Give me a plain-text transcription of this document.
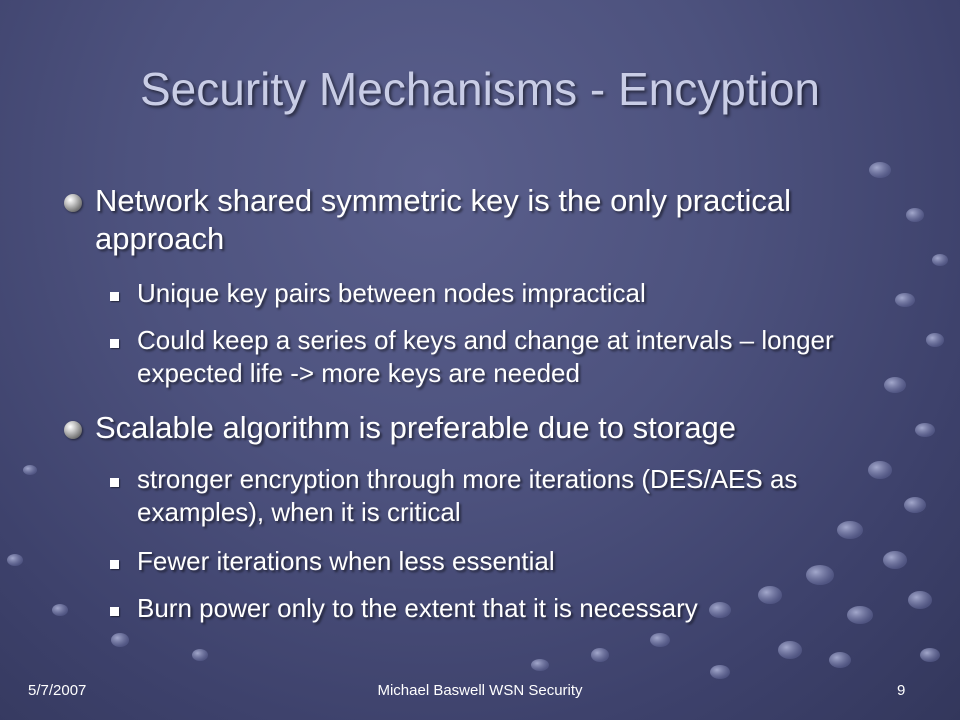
Security Mechanisms - Encyption
Network shared symmetric key is the only practical approach
Unique key pairs between nodes impractical
Could keep a series of keys and change at intervals – longer expected life -> more keys are needed
Scalable algorithm is preferable due to storage
stronger encryption through more iterations (DES/AES as examples), when it is critical
Fewer iterations when less essential
Burn power only to the extent that it is necessary
5/7/2007	Michael Baswell WSN Security	9
